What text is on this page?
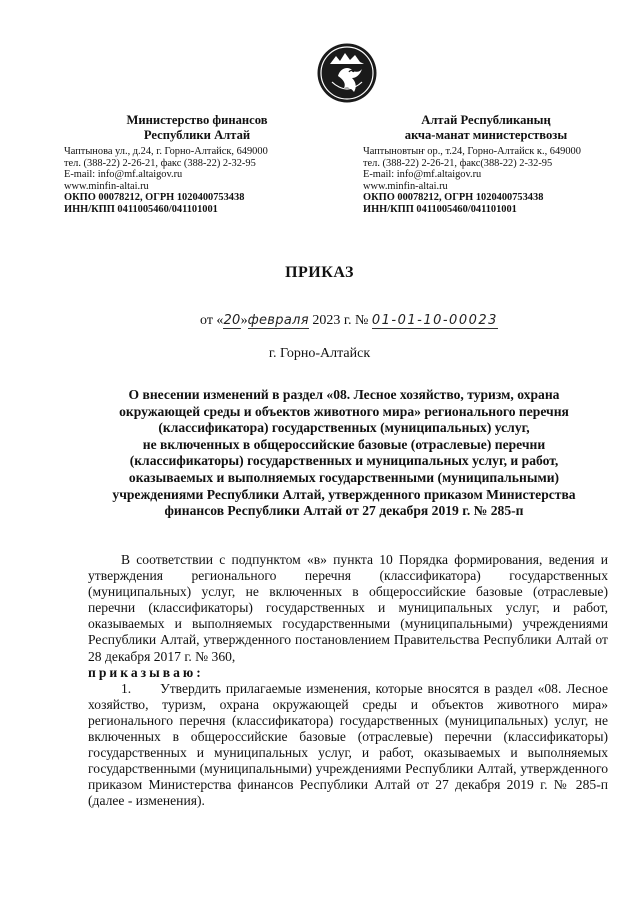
Министерство финансов
Республики Алтай
Чаптынова ул., д.24, г. Горно-Алтайск, 649000
тел. (388-22) 2-26-21, факс (388-22) 2-32-95
E-mail: info@mf.altaigov.ru
www.minfin-altai.ru
ОКПО 00078212, ОГРН 1020400753438
ИНН/КПП 0411005460/041101001
Алтай Республиканың
акча-манат министерствозы
Чаптыновтыҥ ор., т.24, Горно-Алтайск к., 649000
тел. (388-22) 2-26-21, факс(388-22) 2-32-95
E-mail: info@mf.altaigov.ru
www.minfin-altai.ru
ОКПО 00078212, ОГРН 1020400753438
ИНН/КПП 0411005460/041101001
ПРИКАЗ
от «20»февраля 2023 г. № 01-01-10-00023
г. Горно-Алтайск
О внесении изменений в раздел «08. Лесное хозяйство, туризм, охрана
окружающей среды и объектов животного мира» регионального перечня
(классификатора) государственных (муниципальных) услуг,
не включенных в общероссийские базовые (отраслевые) перечни
(классификаторы) государственных и муниципальных услуг, и работ,
оказываемых и выполняемых государственными (муниципальными)
учреждениями Республики Алтай, утвержденного приказом Министерства
финансов Республики Алтай от 27 декабря 2019 г. № 285-п

В соответствии с подпунктом «в» пункта 10 Порядка формирования, ведения и утверждения регионального перечня (классификатора) государственных (муниципальных) услуг, не включенных в общероссийские базовые (отраслевые) перечни (классификаторы) государственных и муниципальных услуг, и работ, оказываемых и выполняемых государственными (муниципальными) учреждениями Республики Алтай, утвержденного постановлением Правительства Республики Алтай от 28 декабря 2017 г. № 360,

приказываю:

1.      Утвердить прилагаемые изменения, которые вносятся в раздел «08. Лесное хозяйство, туризм, охрана окружающей среды и объектов животного мира» регионального перечня (классификатора) государственных (муниципальных) услуг, не включенных в общероссийские базовые (отраслевые) перечни (классификаторы) государственных и муниципальных услуг, и работ, оказываемых и выполняемых государственными (муниципальными) учреждениями Республики Алтай, утвержденного приказом Министерства финансов Республики Алтай от 27 декабря 2019 г. № 285-п (далее - изменения).
